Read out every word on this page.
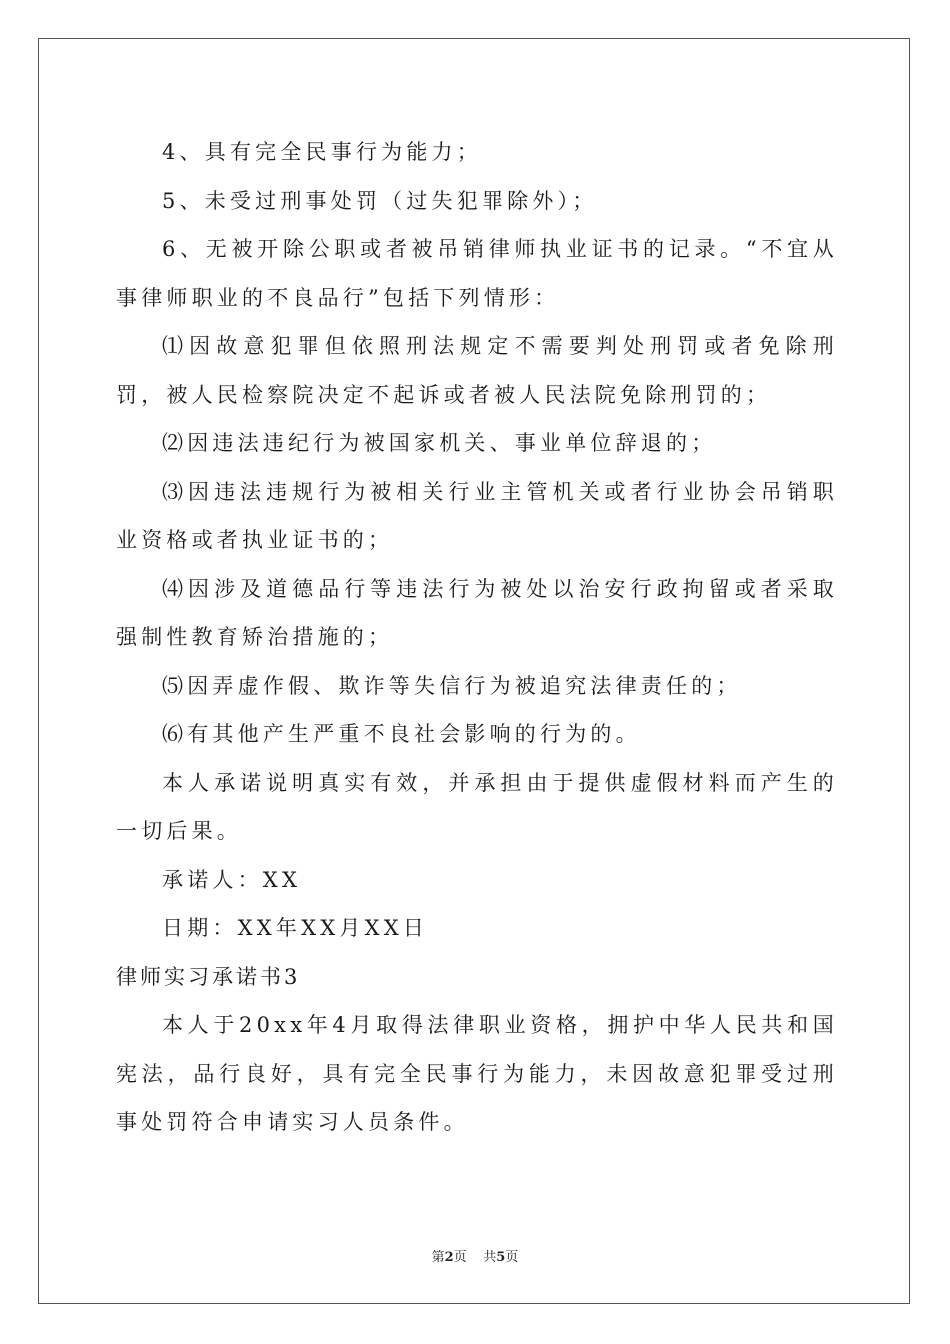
4、具有完全民事行为能力；

5、未受过刑事处罚（过失犯罪除外）；

6、无被开除公职或者被吊销律师执业证书的记录。“不宜从事律师职业的不良品行”包括下列情形：

⑴因故意犯罪但依照刑法规定不需要判处刑罚或者免除刑罚，被人民检察院决定不起诉或者被人民法院免除刑罚的；

⑵因违法违纪行为被国家机关、事业单位辞退的；

⑶因违法违规行为被相关行业主管机关或者行业协会吊销职业资格或者执业证书的；

⑷因涉及道德品行等违法行为被处以治安行政拘留或者采取强制性教育矫治措施的；

⑸因弄虚作假、欺诈等失信行为被追究法律责任的；

⑹有其他产生严重不良社会影响的行为的。

本人承诺说明真实有效，并承担由于提供虚假材料而产生的一切后果。

承诺人：XX

日期：XX年XX月XX日

律师实习承诺书3

本人于20xx年4月取得法律职业资格，拥护中华人民共和国宪法，品行良好，具有完全民事行为能力，未因故意犯罪受过刑事处罚符合申请实习人员条件。

第2页 共5页
